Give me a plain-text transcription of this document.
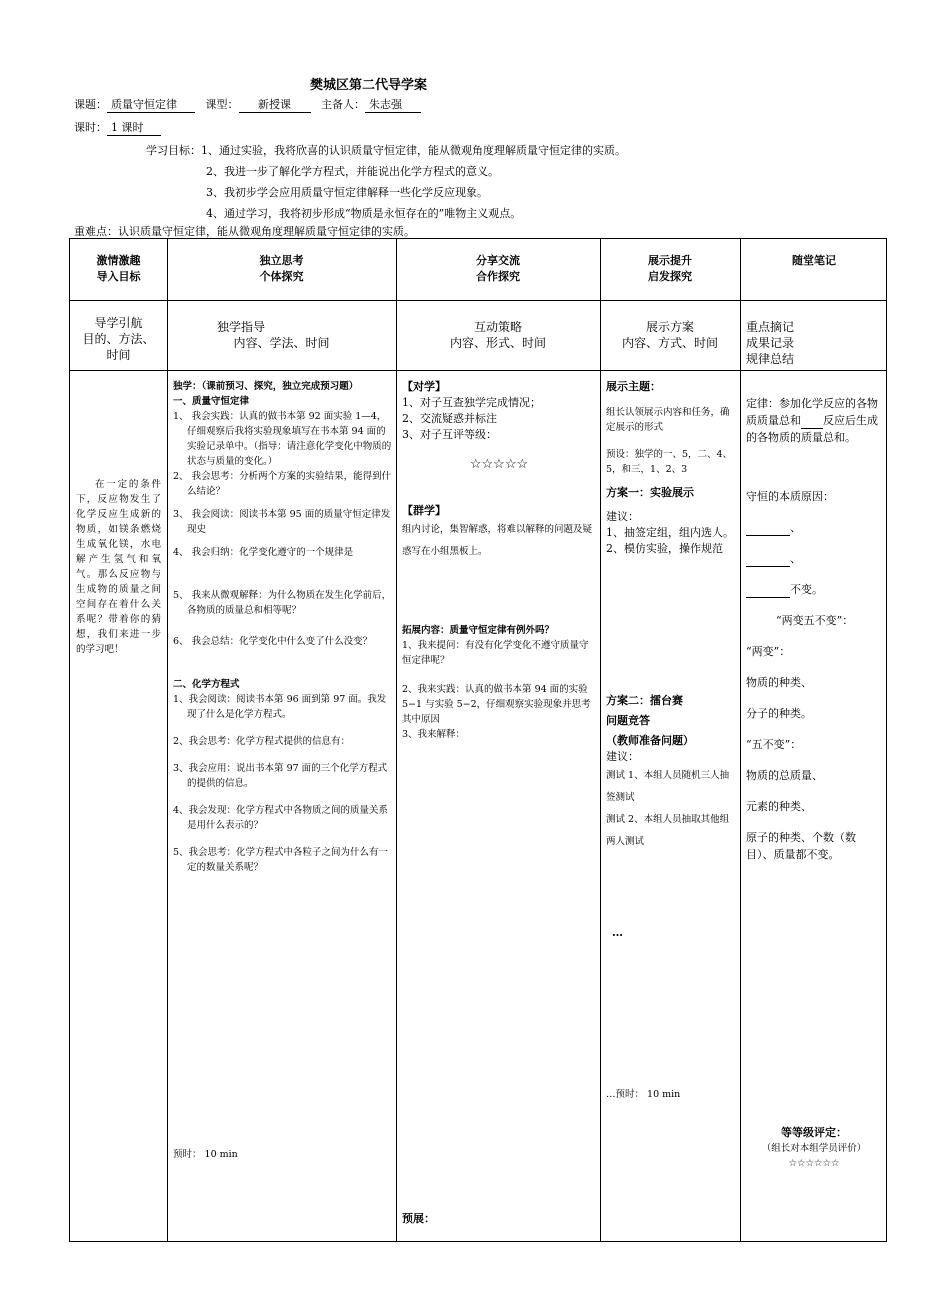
樊城区第二代导学案
课题： 质量守恒定律	课型： 新授课	主备人： 朱志强
课时： 1 课时
学习目标：1、通过实验，我将欣喜的认识质量守恒定律，能从微观角度理解质量守恒定律的实质。
2、我进一步了解化学方程式，并能说出化学方程式的意义。
3、我初步学会应用质量守恒定律解释一些化学反应现象。
4、通过学习，我将初步形成“物质是永恒存在的”唯物主义观点。
重难点：认识质量守恒定律，能从微观角度理解质量守恒定律的实质。
激情激趣
导入目标
独立思考
个体探究
分享交流
合作探究
展示提升
启发探究
随堂笔记
导学引航
目的、方法、
时间
独学指导
内容、学法、时间
互动策略
内容、形式、时间
展示方案
内容、方式、时间
重点摘记
成果记录
规律总结
在一定的条件下，反应物发生了化学反应生成新的物质，如镁条燃烧生成氧化镁，水电解产生氢气和氧气。那么反应物与生成物的质量之间空间存在着什么关系呢？带着你的猜想，我们来进一步的学习吧！

独学：（课前预习、探究，独立完成预习题）

一、质量守恒定律

1、 我会实践：认真的做书本第 92 面实验 1—4，仔细观察后我将实验现象填写在书本第 94 面的实验记录单中。（指导：请注意化学变化中物质的状态与质量的变化。）

2、 我会思考：分析两个方案的实验结果，能得到什么结论？

3、 我会阅读：阅读书本第 95 面的质量守恒定律发现史

4、 我会归纳：化学变化遵守的一个规律是

5、 我来从微观解释：为什么物质在发生化学前后，各物质的质量总和相等呢？

6、 我会总结：化学变化中什么变了什么没变？

二、化学方程式

1、我会阅读：阅读书本第 96 面到第 97 面。我发现了什么是化学方程式。

2、我会思考：化学方程式提供的信息有：

3、我会应用：说出书本第 97 面的三个化学方程式的提供的信息。

4、我会发现：化学方程式中各物质之间的质量关系是用什么表示的？

5、我会思考：化学方程式中各粒子之间为什么有一定的数量关系呢？

预时： 10 min

【对学】

1、对子互查独学完成情况；

2、交流疑惑并标注

3、对子互评等级：

☆☆☆☆☆

【群学】

组内讨论，集智解惑，将难以解释的问题及疑惑写在小组黑板上。

拓展内容：质量守恒定律有例外吗？

1、我来提问：有没有化学变化不遵守质量守恒定律呢？

2、我来实践：认真的做书本第 94 面的实验 5−1 与实验 5−2，仔细观察实验现象并思考其中原因

3、我来解释：

预展：

展示主题：

组长认领展示内容和任务，确定展示的形式

预设：独学的一、5，二、4、5，和三，1、2、3

方案一：实验展示

建议：

1、抽签定组，组内选人。

2、模仿实验，操作规范

方案二：擂台赛

问题竞答

（教师准备问题）

建议：

测试 1、本组人员随机三人抽签测试

测试 2、本组人员抽取其他组两人测试

…

…预时： 10 min

定律：参加化学反应的各物质质量总和 反应后生成的各物质的质量总和。

守恒的本质原因：

、

、

不变。

“两变五不变”：

“两变”：

物质的种类、

分子的种类。

“五不变”：

物质的总质量、

元素的种类、

原子的种类、个数（数目）、质量都不变。

等等级评定：
（组长对本组学员评价）
☆☆☆☆☆☆
